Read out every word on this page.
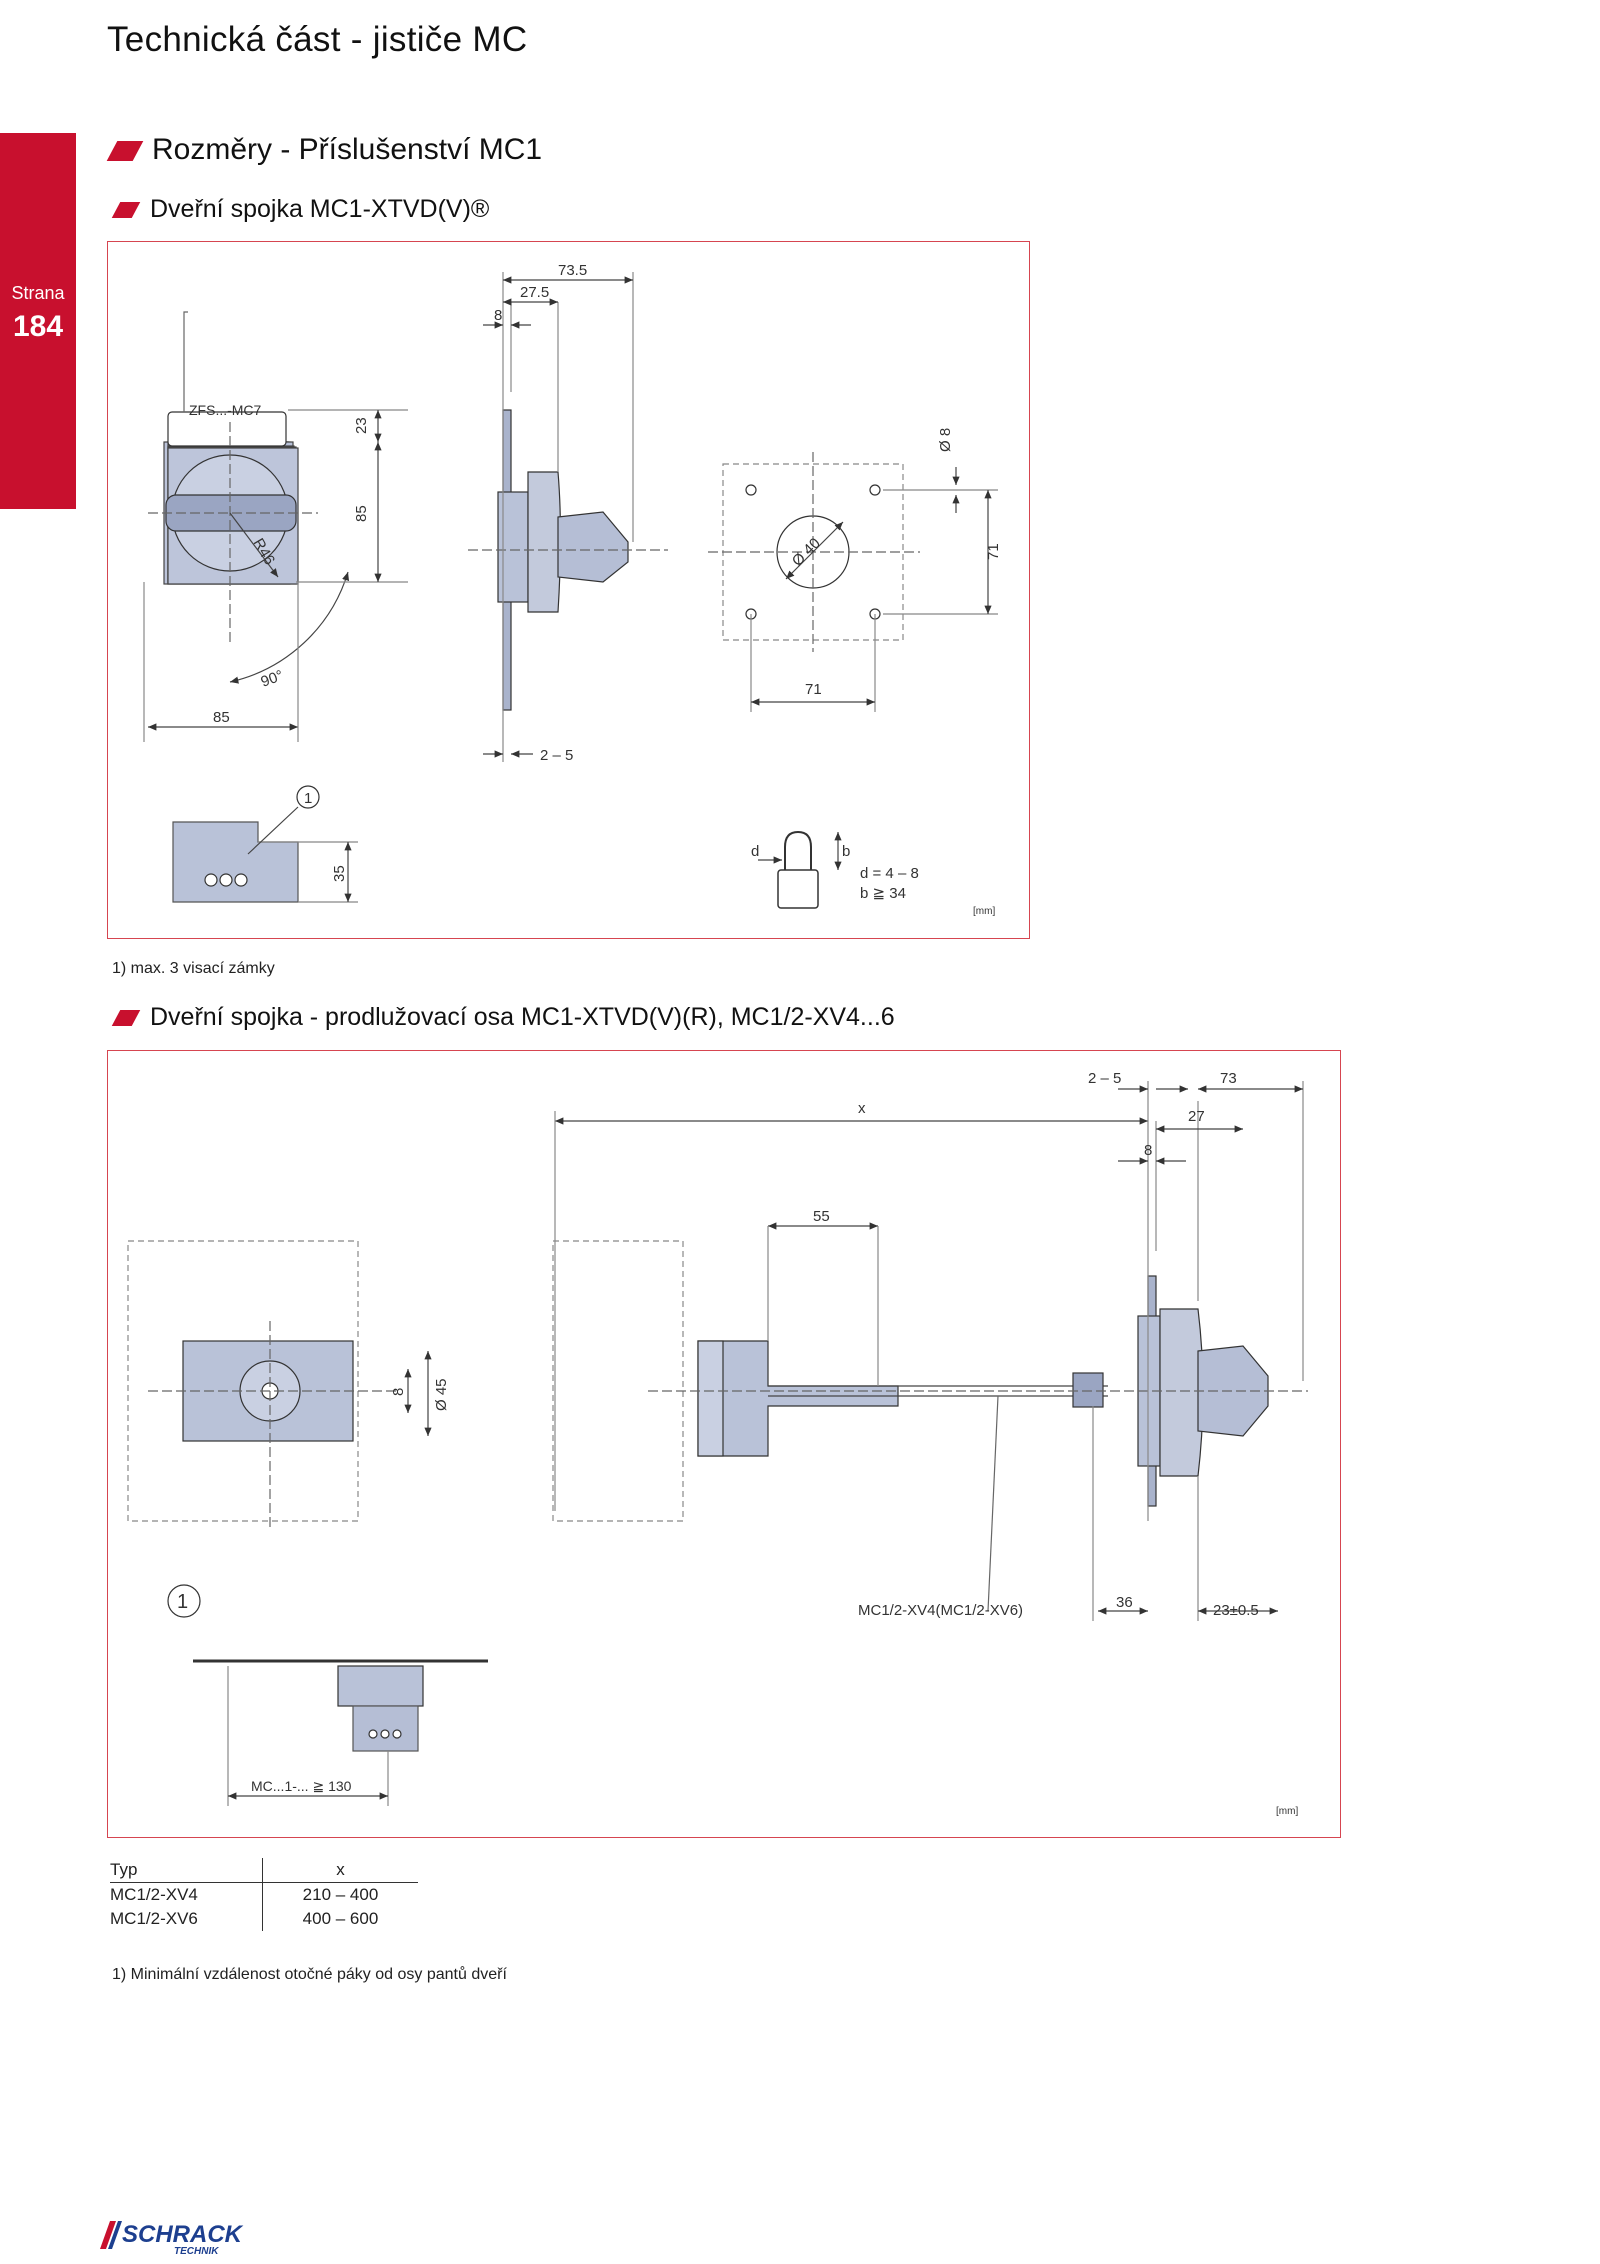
Technická část - jističe MC
Strana
184
Rozměry - Příslušenství MC1
Dveřní spojka MC1-XTVD(V)®
73.5
27.5
8
ZFS...-MC7
23
85
R46
90°
85
2 – 5
Ø 8
Ø 40	71
71
1
35
d	b
d = 4 – 8
b ≧ 34
[mm]
1) max. 3 visací zámky
Dveřní spojka - prodlužovací osa MC1-XTVD(V)(R), MC1/2-XV4...6
x
2 – 5	73
27
8
55
8 Ø 45
1	MC1/2-XV4(MC1/2-XV6)	36	23±0.5
MC...1-... ≧ 130
[mm]
Typ	x
MC1/2-XV4	210 – 400
MC1/2-XV6	400 – 600
1) Minimální vzdálenost otočné páky od osy pantů dveří
SCHRACK
TECHNIK
